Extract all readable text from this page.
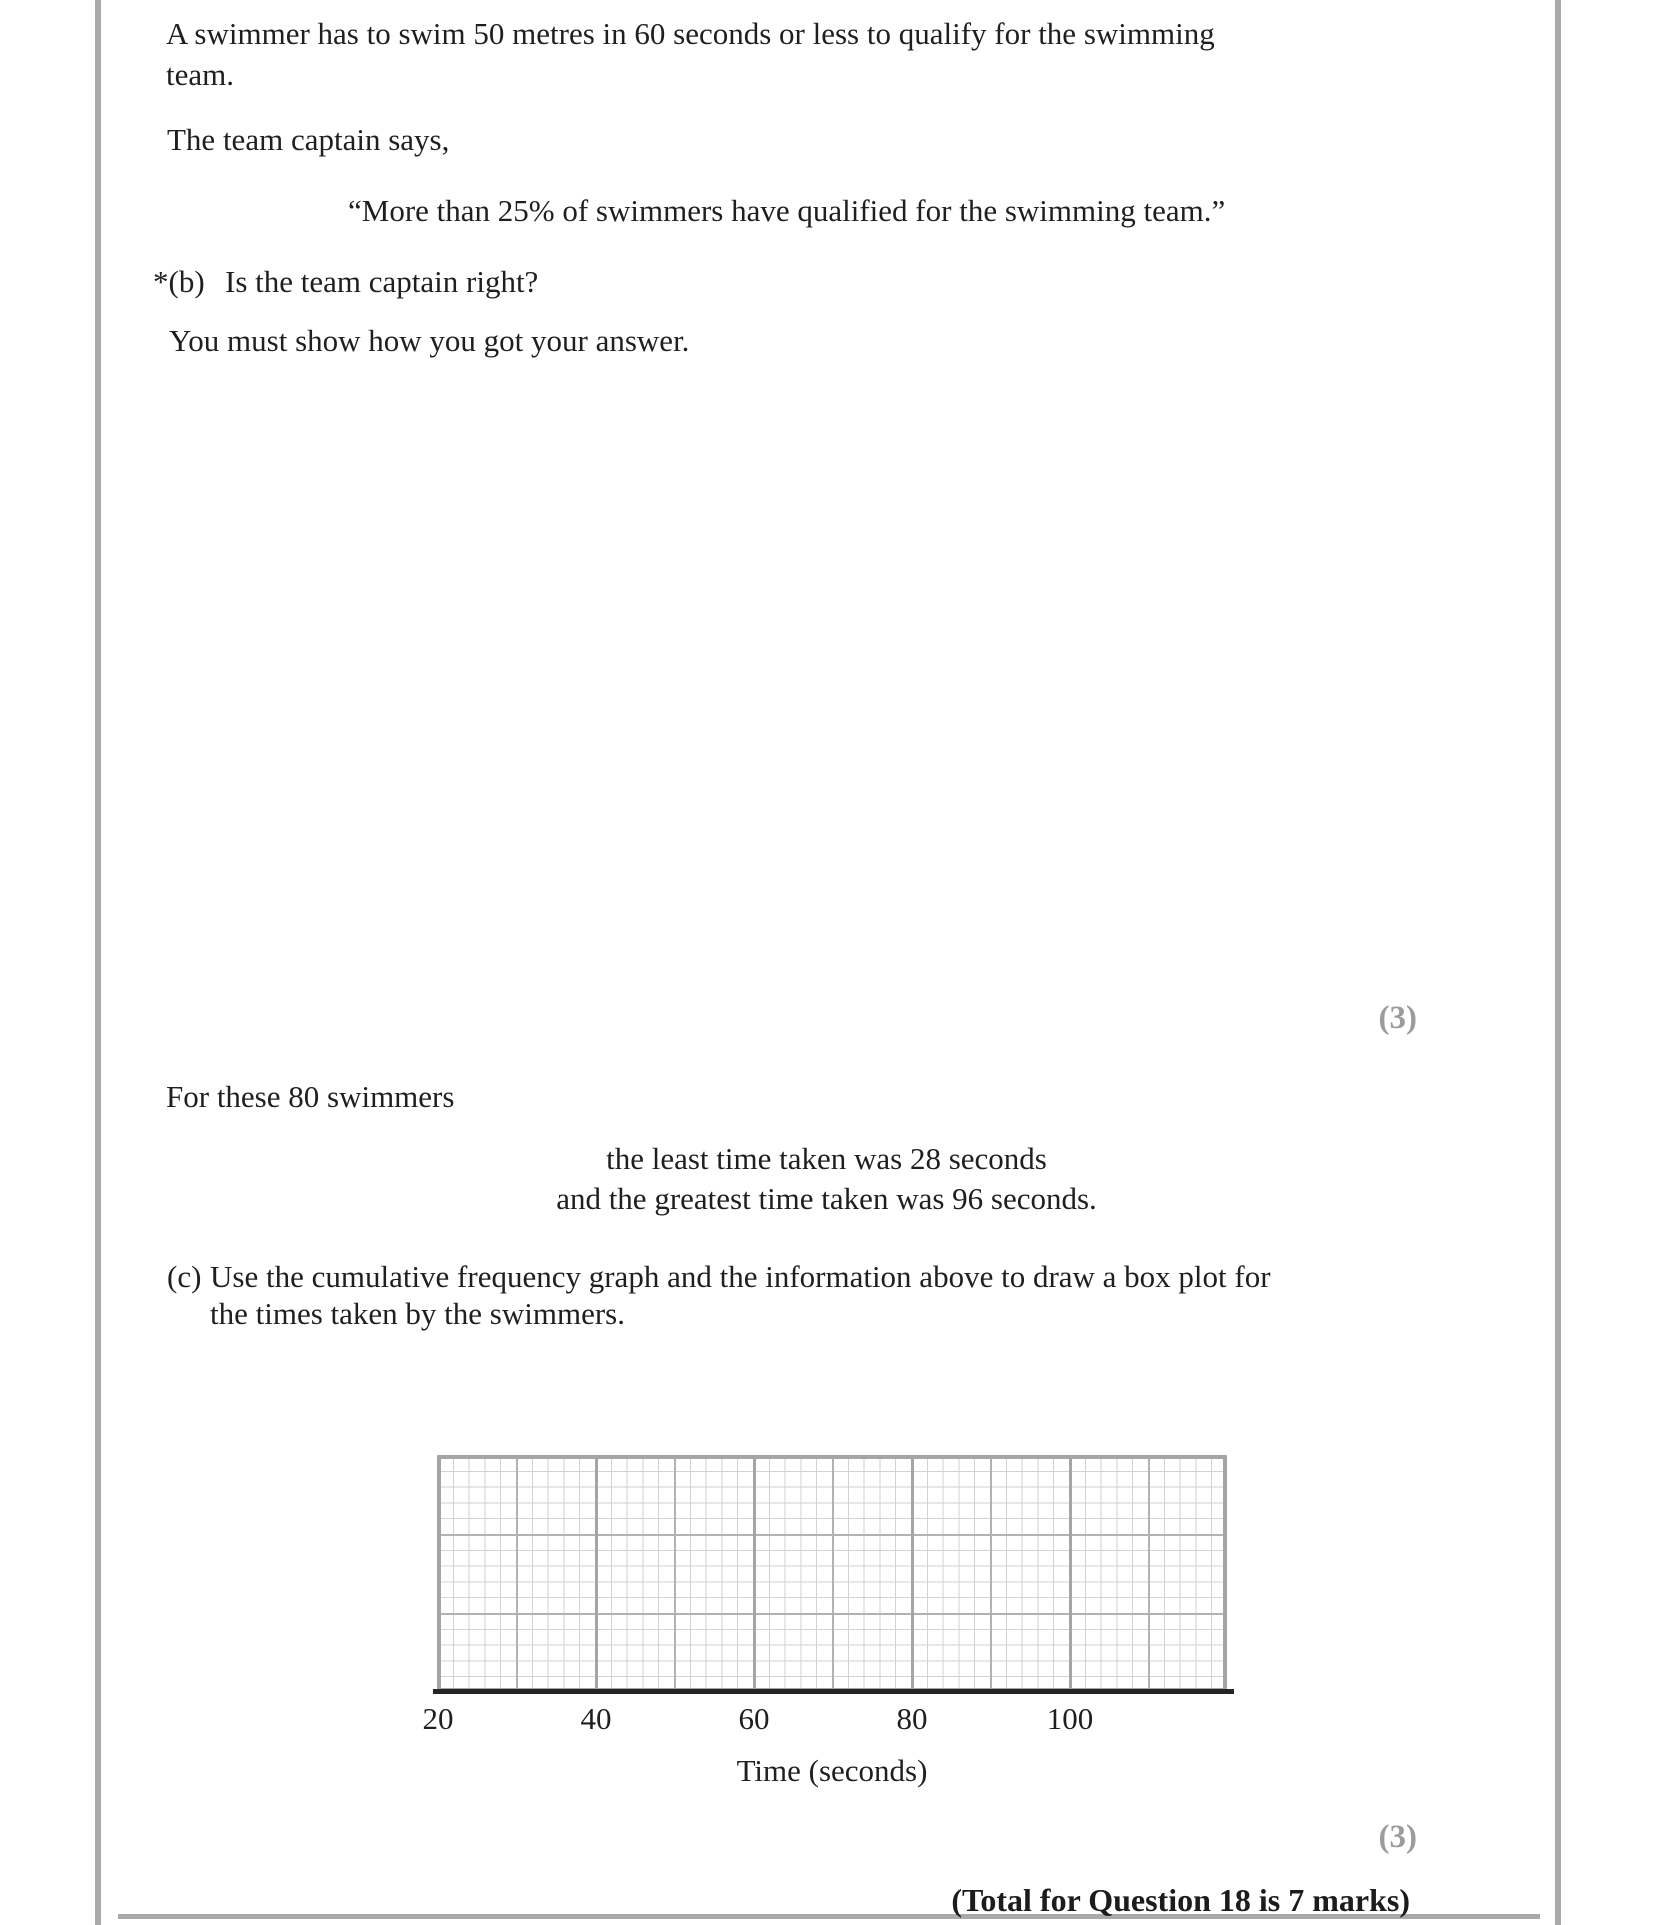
A swimmer has to swim 50 metres in 60 seconds or less to qualify for the swimming
team.
The team captain says,
“More than 25% of swimmers have qualified for the swimming team.”
*(b) Is the team captain right?
You must show how you got your answer.
(3)
For these 80 swimmers
the least time taken was 28 seconds
and the greatest time taken was 96 seconds.
(c) Use the cumulative frequency graph and the information above to draw a box plot for
the times taken by the swimmers.
20	40	60	80	100
Time (seconds)
(3)
(Total for Question 18 is 7 marks)
